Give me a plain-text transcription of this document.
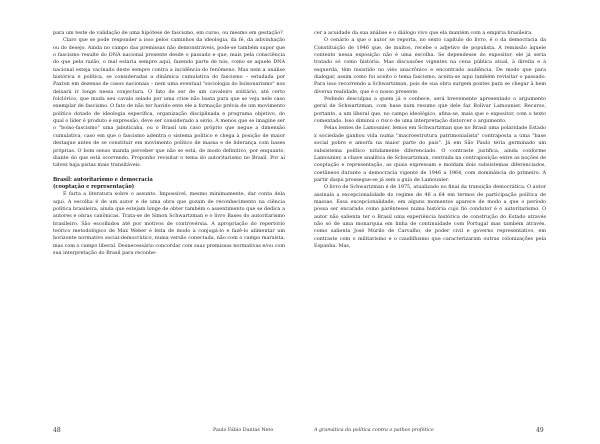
para um teste de validação de uma hipótese de fascismo, em curso, ou mesmo em gestação?

Claro que se pode responder a isso pelos caminhos da ideologia, da fé, da adivinhação ou do desejo. Ainda no campo das premissas não demonstráveis, pode-se também supor que o fascismo resulte do DNA nacional presente desde o passado e que, mais pela consciência do que pela razão, o mal estaria sempre aqui, fazendo parte de nós, como se aquele DNA nacional esteja vacinado deste sempre contra a incidência do fenômeno. Mas nem a análise histórica e política, se consideradas a dinâmica cumulativa do fascismo – estudada por Paxton em dezenas de casos nacionais – nem uma eventual "sociologia do bolsonarismo" nos deixará ir longe nessa conjectura. O fato de ser de um cavaleiro solitário, até certo folclórico, que muda seu cavalo selado por uma crise não basta para que se veja nele caso exemplar de fascismo. O fato de não ter havido ente ele a formação prévia de um movimento político dotado de ideologia específica, organização disciplinada e programa objetivo, do qual o líder é produto e expressão, deve ser considerado a sério. A menos que se imagine ser o "bolso-fascismo" uma jabuticaba, ou o Brasil um caso próprio que negue a dimensão cumulativa, caso em que o fascismo adentra o sistema político e chega à posição de maior destaque antes de se constituir em movimento político de massa e de liderança com bases próprias. O bom senso manda perceber que não se está, de modo definitivo, por enquanto, diante do que está ocorrendo. Proponho revisitar o tema do autoritarismo no Brasil. Por aí talvez haja pistas mais transitáveis.

Brasil: autoritarismo e democracia
(cooptação e representação)

É farta a literatura sobre o assunto. Impossível, mesmo minimamente, dar conta dela aqui. A escolha é de um autor e de uma obra que gozam de reconhecimento na ciência política brasileira, ainda que estejam longe de obter também o assentimento que se dedica a autores e obras canônicas. Trata-se de Simon Schwartzman e o livro Bases do autoritarismo brasileiro. São escolhidos até por motivos de controvérsia. A apropriação do repertório teórico metodológico de Max Weber é feita de modo a conjugá-lo e fazê-lo alimentar um horizonte normativo social-democrático, numa versão conectada, não com o campo marxista, mas com o campo liberal. Desnecessário concordar com suas premissas normativas e/ou com sua interpretação do Brasil para reconhe-

48	Paulo Fábio Dantas Neto

cer a acuidade da sua análise e o diálogo vivo que ela mantém com a empiria brasileira.

O cenário a que o autor se reporta, no sexto capítulo do livro, é o da democracia da Constituição de 1946 que, de muitos, recebe o adjetivo de populista. A remissão àquele contexto nessa exposição não é uma escolha. Se dependesse do expositor, ele já seria tratado só como história. Mas discussões vigentes na cena pública atual, à direita e à esquerda, têm insistido no viés anacrônico e encontrado audiência. De modo que para dialogar, assim como foi aceito o tema fascismo, aceita-se aqui também revisitar o passado. Para isso recorrendo a Schwartzman, pois de sua obra surgem pontes para se chegar à bem diversa realidade, que é o nosso presente.

Pedindo desculpas a quem já o conhece, será brevemente apresentado o argumento geral de Schwartzman, com base num resumo que dele faz Bolívar Lamounier. Recurso, portanto, a um liberal que, no campo ideológico, afina-se, mais que o expositor, com o texto comentado. Isso diminui o risco de uma interpretação distorcer o argumento.

Pelas lentes de Lamounier, lemos em Schwartzman que no Brasil uma polaridade Estado x sociedade ganhou vida numa "macroestrutura patrimonialista" contraposta a uma "base social pobre e amorfa na maior parte do país". Já em São Paulo teria germinado um subsistema político nitidamente diferenciado. O contraste justifica, ainda conforme Lamounier, a chave analítica de Schwartzman, centrada na contraposição entre as noções de cooptação e representação, as quais expressam e moldam dois subsistemas diferenciados, coetâneos durante a democracia vigente de 1946 a 1964, com dominância do primeiro. A partir daqui prossegue-se já sem a guia de Lamounier.

O livro de Schwartzman é de 1975, atualizado no final da transição democrática. O autor assinala a excepcionalidade do regime de 46 a 64 em termos de participação política de massas. Essa excepcionalidade, em alguns momentos aparece de modo a que o período possa ser encarado como parênteses numa história cujo fio condutor é o autoritarismo. O autor não salienta ter o Brasil uma experiência histórica de construção do Estado através não só de uma monarquia em linha de continuidade com Portugal mas também através, como salienta José Murilo de Carvalho, de poder civil e governo representativo, em contraste com o militarismo e o caudilhismo que caracterizaram outras colonizações pela Espanha. Mas,

A gramática da política contra o pathos profético	49
